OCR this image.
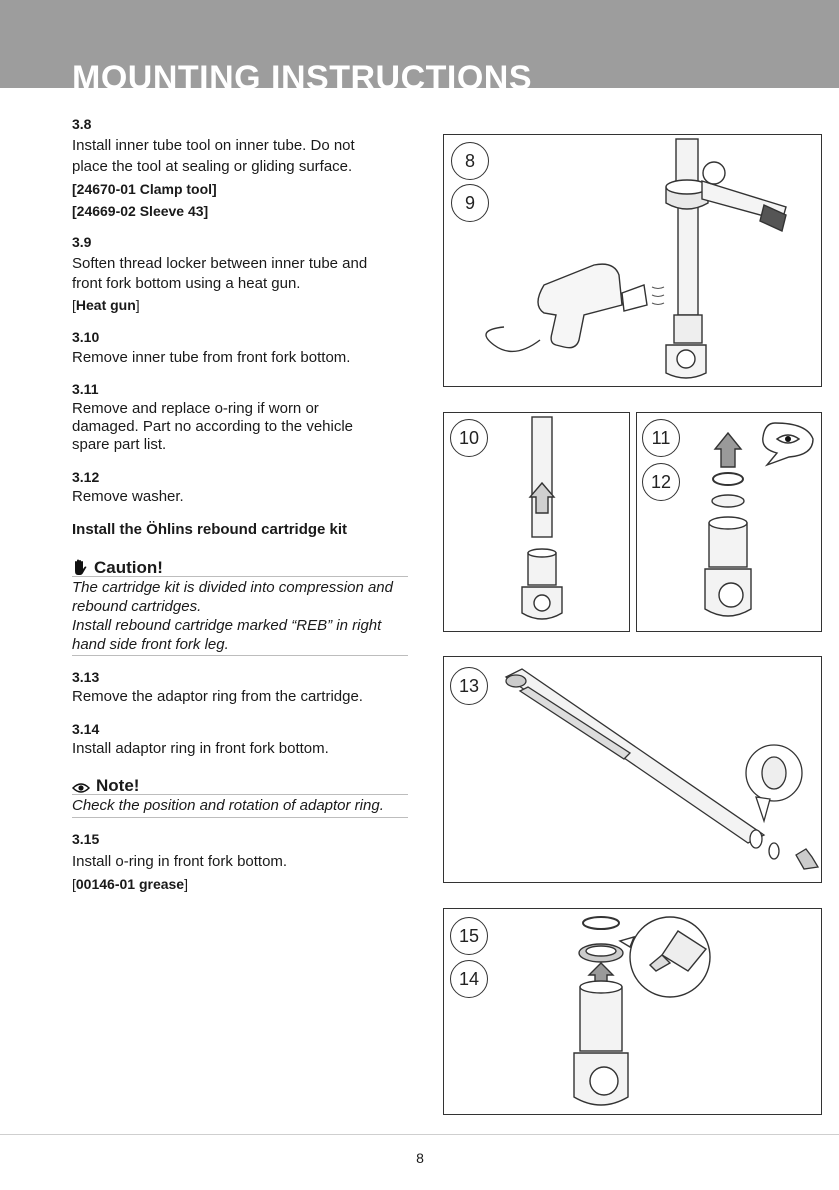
MOUNTING INSTRUCTIONS

3.8

Install inner tube tool on inner tube. Do not

place the tool at sealing or gliding surface.

[24670-01 Clamp tool]

[24669-02 Sleeve 43]

3.9

Soften thread locker between inner tube and

front fork bottom using a heat gun.

[Heat gun]

3.10

Remove inner tube from front fork bottom.

3.11

Remove and replace o-ring if worn or

damaged. Part no according to the vehicle

spare part list.

3.12

Remove washer.

Install the Öhlins rebound cartridge kit

Caution!

The cartridge kit is divided into compression and

rebound cartridges.

Install rebound cartridge marked “REB” in right

hand side front fork leg.

3.13

Remove the adaptor ring from the cartridge.

3.14

Install adaptor ring in front fork bottom.

Note!

Check the position and rotation of adaptor ring.

3.15

Install o-ring in front fork bottom.

[00146-01 grease]

8
9
10	11
12
13
15
14
8
